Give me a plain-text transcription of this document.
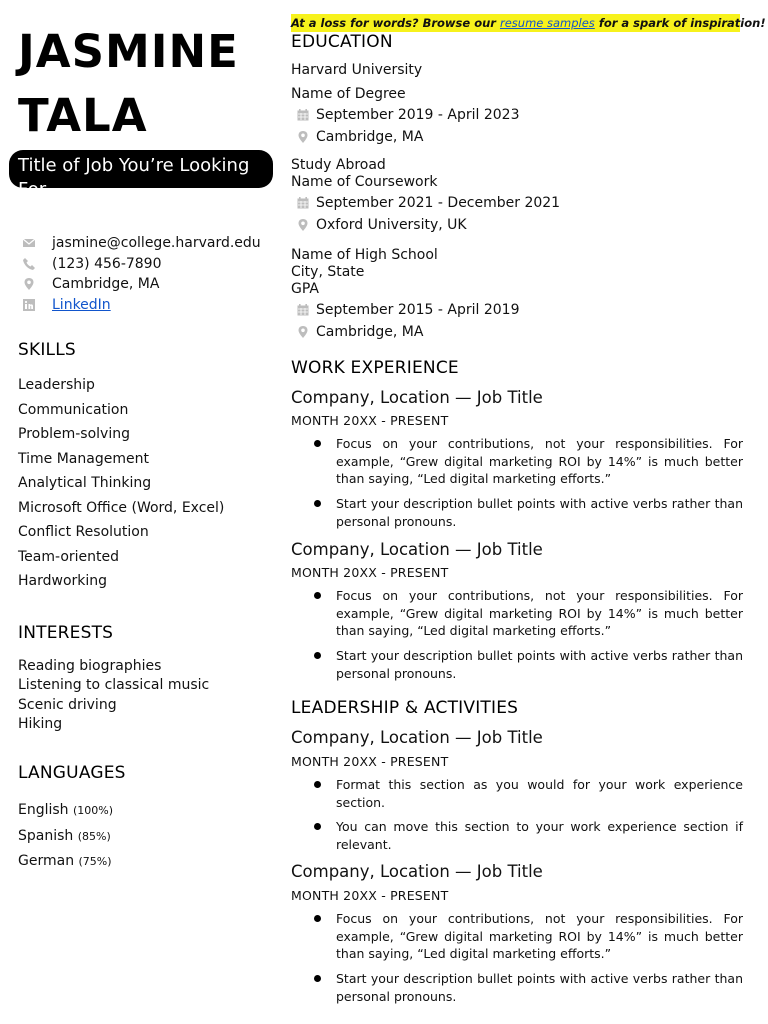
JASMINE
TALA
Title of Job You’re Looking For
jasmine@college.harvard.edu
(123) 456-7890
Cambridge, MA
LinkedIn
SKILLS
Leadership
Communication
Problem-solving
Time Management
Analytical Thinking
Microsoft Office (Word, Excel)
Conflict Resolution
Team-oriented
Hardworking
INTERESTS
Reading biographies
Listening to classical music
Scenic driving
Hiking
LANGUAGES
English (100%)
Spanish (85%)
German (75%)
At a loss for words? Browse our resume samples for a spark of inspiration!
EDUCATION
Harvard University
Name of Degree
September 2019 - April 2023
Cambridge, MA
Study Abroad
Name of Coursework
September 2021 - December 2021
Oxford University, UK
Name of High School
City, State
GPA
September 2015 - April 2019
Cambridge, MA
WORK EXPERIENCE
Company, Location — Job Title
MONTH 20XX - PRESENT
Focus on your contributions, not your responsibilities. For example, “Grew digital marketing ROI by 14%” is much better than saying, “Led digital marketing efforts.”
Start your description bullet points with active verbs rather than personal pronouns.
Company, Location — Job Title
MONTH 20XX - PRESENT
Focus on your contributions, not your responsibilities. For example, “Grew digital marketing ROI by 14%” is much better than saying, “Led digital marketing efforts.”
Start your description bullet points with active verbs rather than personal pronouns.
LEADERSHIP & ACTIVITIES
Company, Location — Job Title
MONTH 20XX - PRESENT
Format this section as you would for your work experience section.
You can move this section to your work experience section if relevant.
Company, Location — Job Title
MONTH 20XX - PRESENT
Focus on your contributions, not your responsibilities. For example, “Grew digital marketing ROI by 14%” is much better than saying, “Led digital marketing efforts.”
Start your description bullet points with active verbs rather than personal pronouns.
